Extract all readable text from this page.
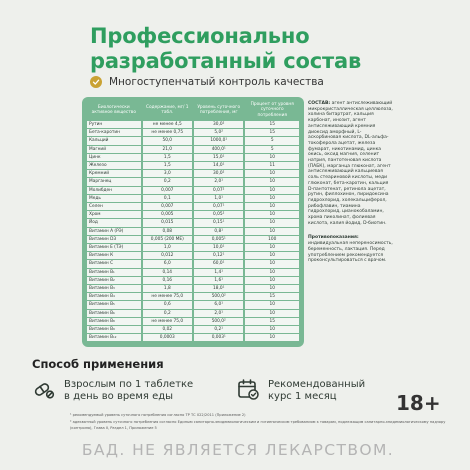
Профессионально разработанный состав
Многоступенчатый контроль качества
Биологически активное вещество	Содержание, мг/ 1 табл.	Уровень суточного потребления, мг	Процент от уровня суточного потребления
Рутин	не менее 4,5	30,0²	15
Бета-каротин	не менее 0,75	5,0²	15
Кальций	50,0	1000,0¹	5
Магний	21,0	400,0¹	5
Цинк	1,5	15,0¹	10
Железо	1,5	14,0¹	11
Кремний	3,0	30,0²	10
Марганец	0,2	2,0¹	10
Молибден	0,007	0,07²	10
Медь	0,1	1,0¹	10
Селен	0,007	0,07¹	10
Хром	0,005	0,05²	10
Йод	0,015	0,15¹	10
Витамин А (РЭ)	0,08	0,8¹	10
Витамин D3	0,005 (200 МЕ)	0,005¹	100
Витамин Е (ТЭ)	1,0	10,0¹	10
Витамин К	0,012	0,12¹	10
Витамин С	6,0	60,0¹	10
Витамин B₁	0,14	1,4¹	10
Витамин B₂	0,16	1,6¹	10
Витамин B₃	1,8	18,0¹	10
Витамин B₄	не менее 75,0	500,0²	15
Витамин B₅	0,6	6,0¹	10
Витамин B₆	0,2	2,0¹	10
Витамин B₈	не менее 75,0	500,0²	15
Витамин B₉	0,02	0,2¹	10
Витамин B₁₂	0,0003	0,003¹	10
СОСТАВ: агент антислеживающий микрокристаллическая целлюлоза, холина битартрат, кальция карбонат, инозит, агент антислеживающий кремния диоксид аморфный, L-аскорбиновая кислота, DL-альфа-токоферола ацетат, железа фумарат, никотинамид, цинка окись, оксид магния, селенит натрия, пантотеновая кислота (ПАБК), марганца глюконат, агент антислеживающий кальциевая соль стеариновой кислоты, меди глюконат, бета-каротин, кальция D-пантотенат, ретинола ацетат, рутин, филлохинон, пиридоксина гидрохлорид, холекальциферол, рибофлавин, тиамина гидрохлорид, цианокобаламин, хрома пиколинат, фолиевая кислота, калия йодид, D-биотин.
Противопоказания:
индивидуальная непереносимость, беременность, лактация. Перед употреблением рекомендуется проконсультироваться с врачом.
Способ применения
Взрослым по 1 таблетке
в день во время еды
Рекомендованный
курс 1 месяц	18+
¹ рекомендуемый уровень суточного потребления согласно ТР ТС 022/2011 (Приложение 2)
² адекватный уровень суточного потребления согласно Единым санитарно-эпидемиологическим и гигиеническим требованиям к товарам, подлежащим санитарно-эпидемиологическому надзору (контролю), Глава II, Раздел 1, Приложение 5
БАД. НЕ ЯВЛЯЕТСЯ ЛЕКАРСТВОМ.
